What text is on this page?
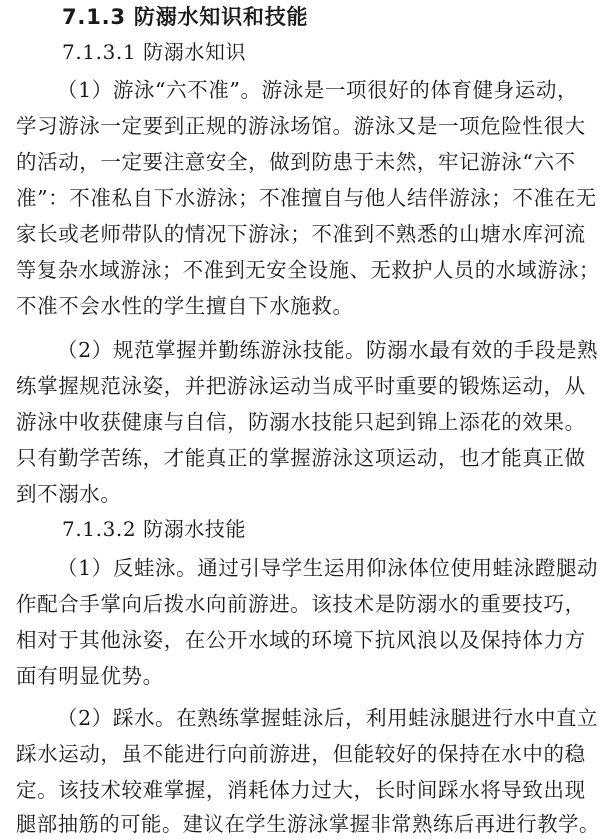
7.1.3 防溺水知识和技能
7.1.3.1 防溺水知识
（1）游泳“六不准”。游泳是一项很好的体育健身运动，
学习游泳一定要到正规的游泳场馆。游泳又是一项危险性很大
的活动，一定要注意安全，做到防患于未然，牢记游泳“六不
准”：不准私自下水游泳；不准擅自与他人结伴游泳；不准在无
家长或老师带队的情况下游泳；不准到不熟悉的山塘水库河流
等复杂水域游泳；不准到无安全设施、无救护人员的水域游泳；
不准不会水性的学生擅自下水施救。
（2）规范掌握并勤练游泳技能。防溺水最有效的手段是熟
练掌握规范泳姿，并把游泳运动当成平时重要的锻炼运动，从
游泳中收获健康与自信，防溺水技能只起到锦上添花的效果。
只有勤学苦练，才能真正的掌握游泳这项运动，也才能真正做
到不溺水。
7.1.3.2 防溺水技能
（1）反蛙泳。通过引导学生运用仰泳体位使用蛙泳蹬腿动
作配合手掌向后拨水向前游进。该技术是防溺水的重要技巧，
相对于其他泳姿，在公开水域的环境下抗风浪以及保持体力方
面有明显优势。
（2）踩水。在熟练掌握蛙泳后，利用蛙泳腿进行水中直立
踩水运动，虽不能进行向前游进，但能较好的保持在水中的稳
定。该技术较难掌握，消耗体力过大，长时间踩水将导致出现
腿部抽筋的可能。建议在学生游泳掌握非常熟练后再进行教学。
